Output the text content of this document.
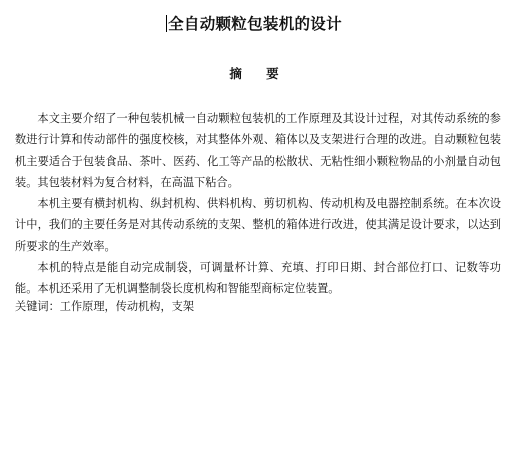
全自动颗粒包装机的设计
摘 要

本文主要介绍了一种包装机械一自动颗粒包装机的工作原理及其设计过程，对其传动系统的参数进行计算和传动部件的强度校核，对其整体外观、箱体以及支架进行合理的改进。自动颗粒包装机主要适合于包装食品、茶叶、医药、化工等产品的松散状、无粘性细小颗粒物品的小剂量自动包装。其包装材料为复合材料，在高温下粘合。

本机主要有横封机构、纵封机构、供料机构、剪切机构、传动机构及电器控制系统。在本次设计中，我们的主要任务是对其传动系统的支架、整机的箱体进行改进，使其满足设计要求，以达到所要求的生产效率。

本机的特点是能自动完成制袋，可调量杯计算、充填、打印日期、封合部位打口、记数等功能。本机还采用了无机调整制袋长度机构和智能型商标定位装置。

关键词：工作原理，传动机构，支架
